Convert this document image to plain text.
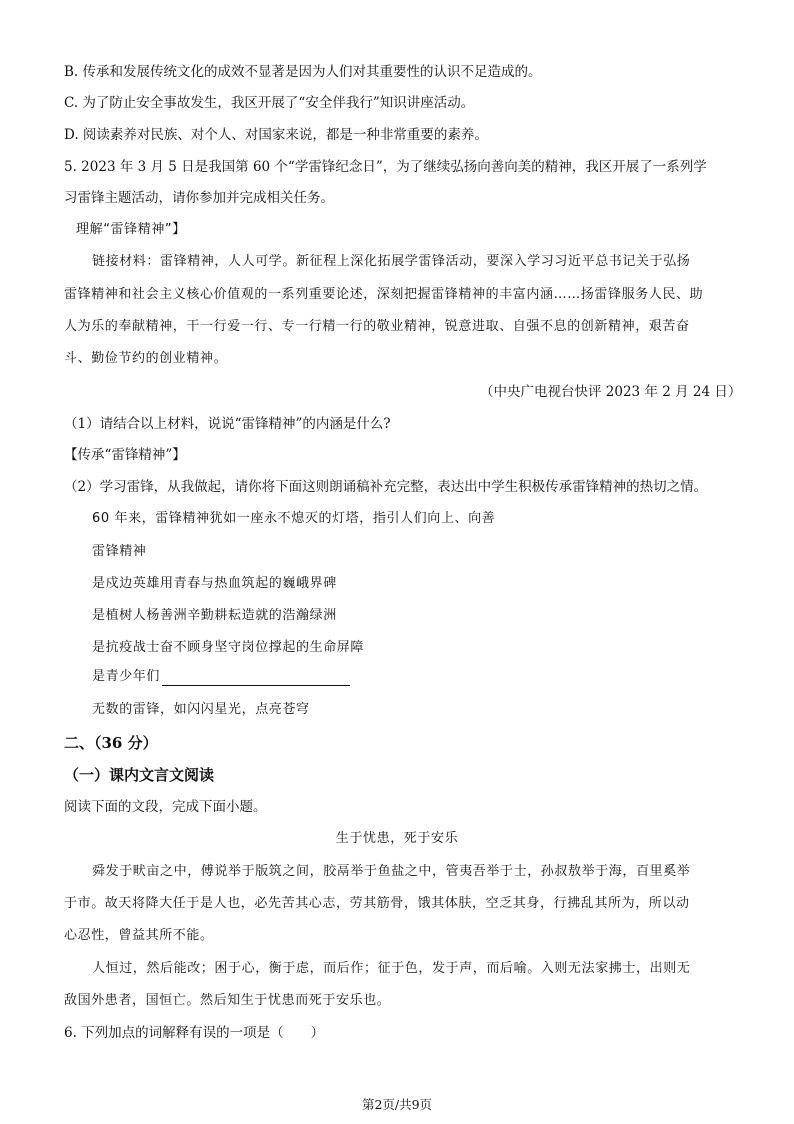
B. 传承和发展传统文化的成效不显著是因为人们对其重要性的认识不足造成的。
C. 为了防止安全事故发生，我区开展了“安全伴我行”知识讲座活动。
D. 阅读素养对民族、对个人、对国家来说，都是一种非常重要的素养。
5. 2023 年 3 月 5 日是我国第 60 个“学雷锋纪念日”，为了继续弘扬向善向美的精神，我区开展了一系列学
习雷锋主题活动，请你参加并完成相关任务。
理解“雷锋精神”】
链接材料：雷锋精神，人人可学。新征程上深化拓展学雷锋活动，要深入学习习近平总书记关于弘扬
雷锋精神和社会主义核心价值观的一系列重要论述，深刻把握雷锋精神的丰富内涵……扬雷锋服务人民、助
人为乐的奉献精神，干一行爱一行、专一行精一行的敬业精神，锐意进取、自强不息的创新精神，艰苦奋
斗、勤俭节约的创业精神。
（中央广电视台快评 2023 年 2 月 24 日）
（1）请结合以上材料，说说“雷锋精神”的内涵是什么?
【传承“雷锋精神”】
（2）学习雷锋，从我做起，请你将下面这则朗诵稿补充完整，表达出中学生积极传承雷锋精神的热切之情。
60 年来，雷锋精神犹如一座永不熄灭的灯塔，指引人们向上、向善
雷锋精神
是戍边英雄用青春与热血筑起的巍峨界碑
是植树人杨善洲辛勤耕耘造就的浩瀚绿洲
是抗疫战士奋不顾身坚守岗位撑起的生命屏障
是青少年们
无数的雷锋，如闪闪星光，点亮苍穹
二、（36 分）
（一）课内文言文阅读
阅读下面的文段，完成下面小题。
生于忧患，死于安乐
舜发于畎亩之中，傅说举于版筑之间，胶鬲举于鱼盐之中，管夷吾举于士，孙叔敖举于海，百里奚举
于市。故天将降大任于是人也，必先苦其心志，劳其筋骨，饿其体肤，空乏其身，行拂乱其所为，所以动
心忍性，曾益其所不能。
人恒过，然后能改；困于心，衡于虑，而后作；征于色，发于声，而后喻。入则无法家拂士，出则无
敌国外患者，国恒亡。然后知生于忧患而死于安乐也。
6. 下列加点的词解释有误的一项是（　　）
第2页/共9页
